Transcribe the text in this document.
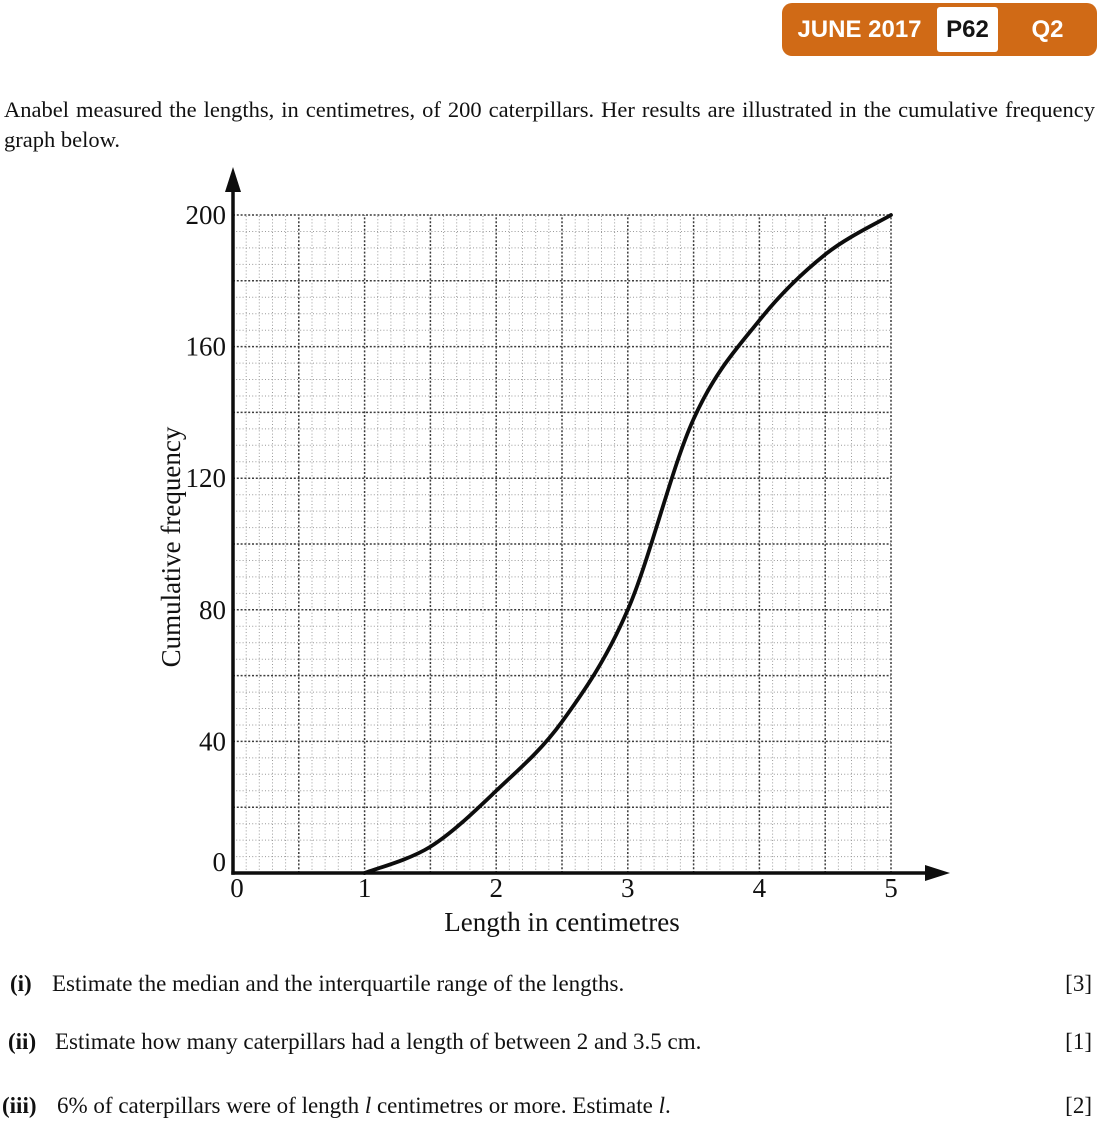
JUNE 2017	P62	Q2

Anabel measured the lengths, in centimetres, of 200 caterpillars. Her results are illustrated in the cumulative frequency graph below.

0
40
80
120
160
200
0	1	2	3	4	5
Length in centimetres
Cumulative frequency
(i) Estimate the median and the interquartile range of the lengths.	[3]
(ii) Estimate how many caterpillars had a length of between 2 and 3.5 cm.	[1]
(iii) 6% of caterpillars were of length l centimetres or more. Estimate l.	[2]
